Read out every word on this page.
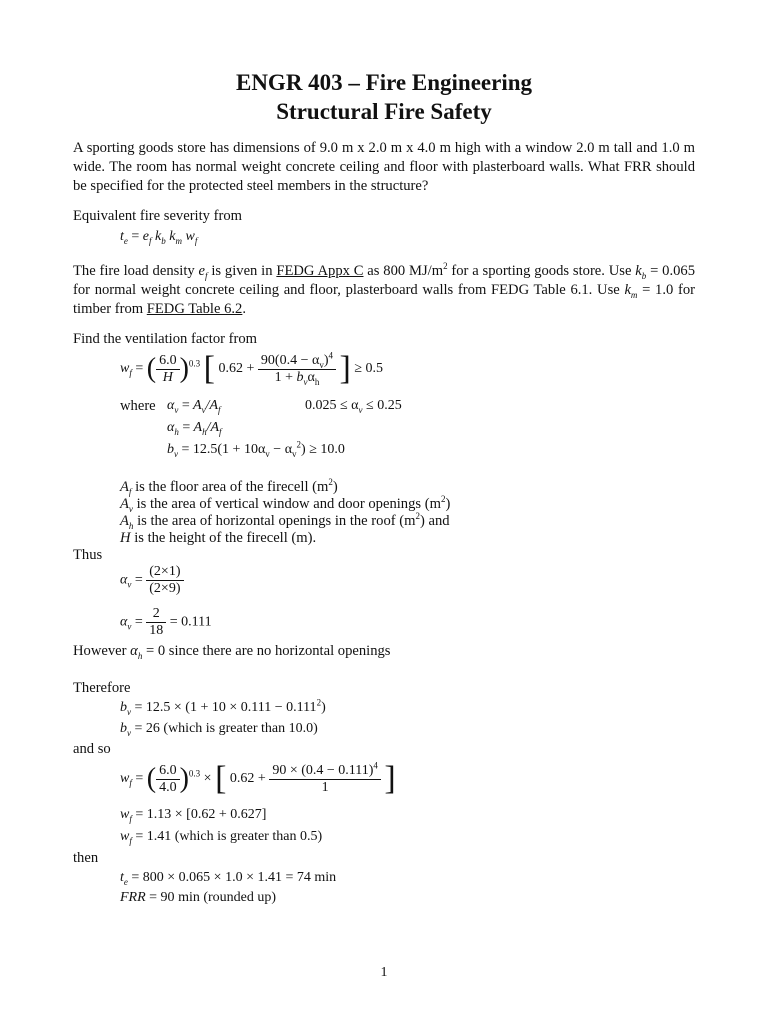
ENGR 403 – Fire Engineering
Structural Fire Safety
A sporting goods store has dimensions of 9.0 m x 2.0 m x 4.0 m high with a window 2.0 m tall and 1.0 m wide. The room has normal weight concrete ceiling and floor with plasterboard walls. What FRR should be specified for the protected steel members in the structure?
Equivalent fire severity from
$t_e = e_f$ $k_b$ $k_m$ $w_f$
The fire load density $e_f$ is given in FEDG Appx C as 800 $MJ/m^2$ for a sporting goods store. Use $k_b = 0.065$ for normal weight concrete ceiling and floor, plasterboard walls from FEDG Table 6.1. Use $k_m = 1.0$ for timber from FEDG Table 6.2.
Find the ventilation factor from
$w_f$ = ( $\frac{6.0}{H} )^{0.3}$ [ $0.62 + \frac{90(0.4 - \alpha_v)^4}{1 + b_v\alpha_h}$ ] ≥ 0.5
where $\alpha_v = A_v/A_f$	$0.025 \le \alpha_v \le 0.25$
$\alpha_h = A_h/A_f$
$b_v = 12.5(1 + 10\alpha_v - \alpha_v^2) \ge 10.0$
$A_f$ is the floor area of the firecell $(m^2)$
$A_v$ is the area of vertical window and door openings $(m^2)$
$A_h$ is the area of horizontal openings in the roof $(m^2)$ and
H is the height of the firecell (m).
Thus
$\alpha_v = \frac{(2\times 1)}{(2\times 9)}$
$\alpha_v = \frac{2}{18} = 0.111$
However $\alpha_h = 0$ since there are no horizontal openings
Therefore
$b_v = 12.5 \times (1 + 10 \times 0.111 - 0.111^2)$
$b_v = 26$ (which is greater than 10.0)
and so
$w_f$ = ( $\frac{6.0}{4.0} )^{0.3}$ × [ $0.62 + \frac{90 \times (0.4 - 0.111)^4}{1}$ ]
$w_f = 1.13 \times [0.62 + 0.627]$
$w_f = 1.41$ (which is greater than 0.5)
then
$t_e = 800 \times 0.065 \times 1.0 \times 1.41 = 74$ min
FRR = 90 min (rounded up)
1
